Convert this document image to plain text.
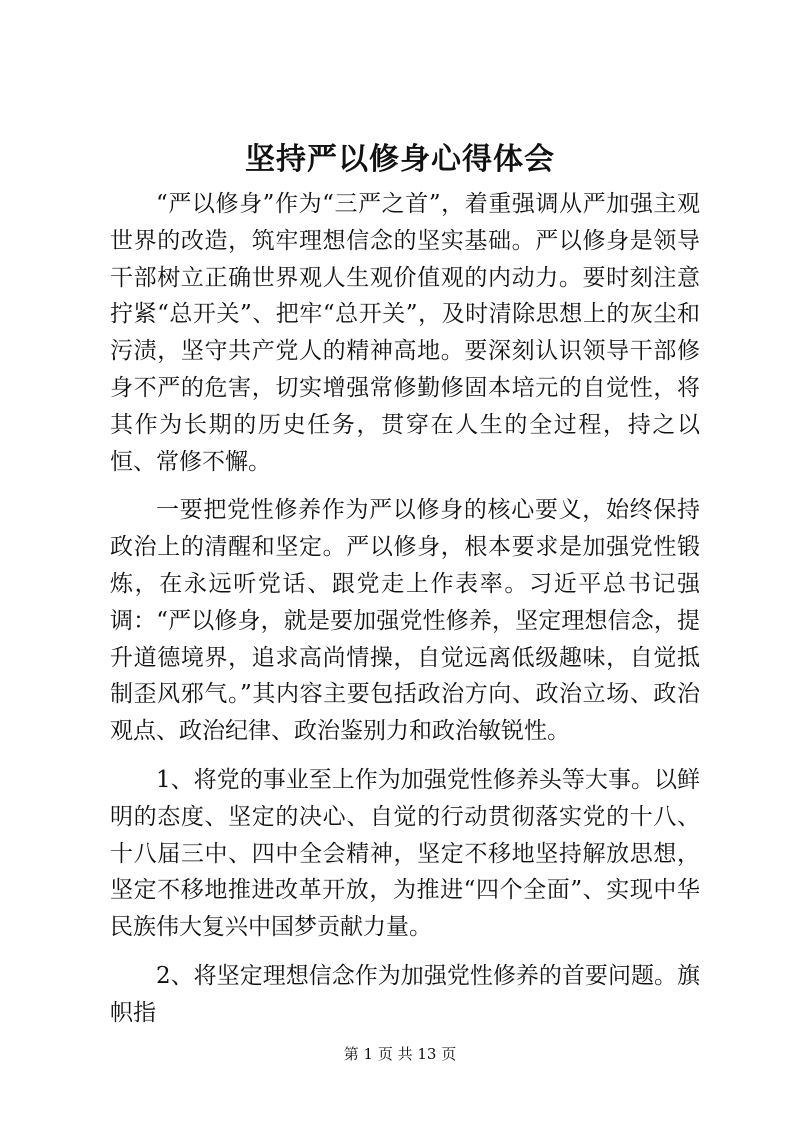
坚持严以修身心得体会

“严以修身”作为“三严之首”，着重强调从严加强主观世界的改造，筑牢理想信念的坚实基础。严以修身是领导干部树立正确世界观人生观价值观的内动力。要时刻注意拧紧“总开关”、把牢“总开关”，及时清除思想上的灰尘和污渍，坚守共产党人的精神高地。要深刻认识领导干部修身不严的危害，切实增强常修勤修固本培元的自觉性，将其作为长期的历史任务，贯穿在人生的全过程，持之以恒、常修不懈。

一要把党性修养作为严以修身的核心要义，始终保持政治上的清醒和坚定。严以修身，根本要求是加强党性锻炼，在永远听党话、跟党走上作表率。习近平总书记强调：“严以修身，就是要加强党性修养，坚定理想信念，提升道德境界，追求高尚情操，自觉远离低级趣味，自觉抵制歪风邪气。”其内容主要包括政治方向、政治立场、政治观点、政治纪律、政治鉴别力和政治敏锐性。

1、将党的事业至上作为加强党性修养头等大事。以鲜明的态度、坚定的决心、自觉的行动贯彻落实党的十八、十八届三中、四中全会精神，坚定不移地坚持解放思想，坚定不移地推进改革开放，为推进“四个全面”、实现中华民族伟大复兴中国梦贡献力量。

2、将坚定理想信念作为加强党性修养的首要问题。旗帜指

第 1 页 共 13 页
